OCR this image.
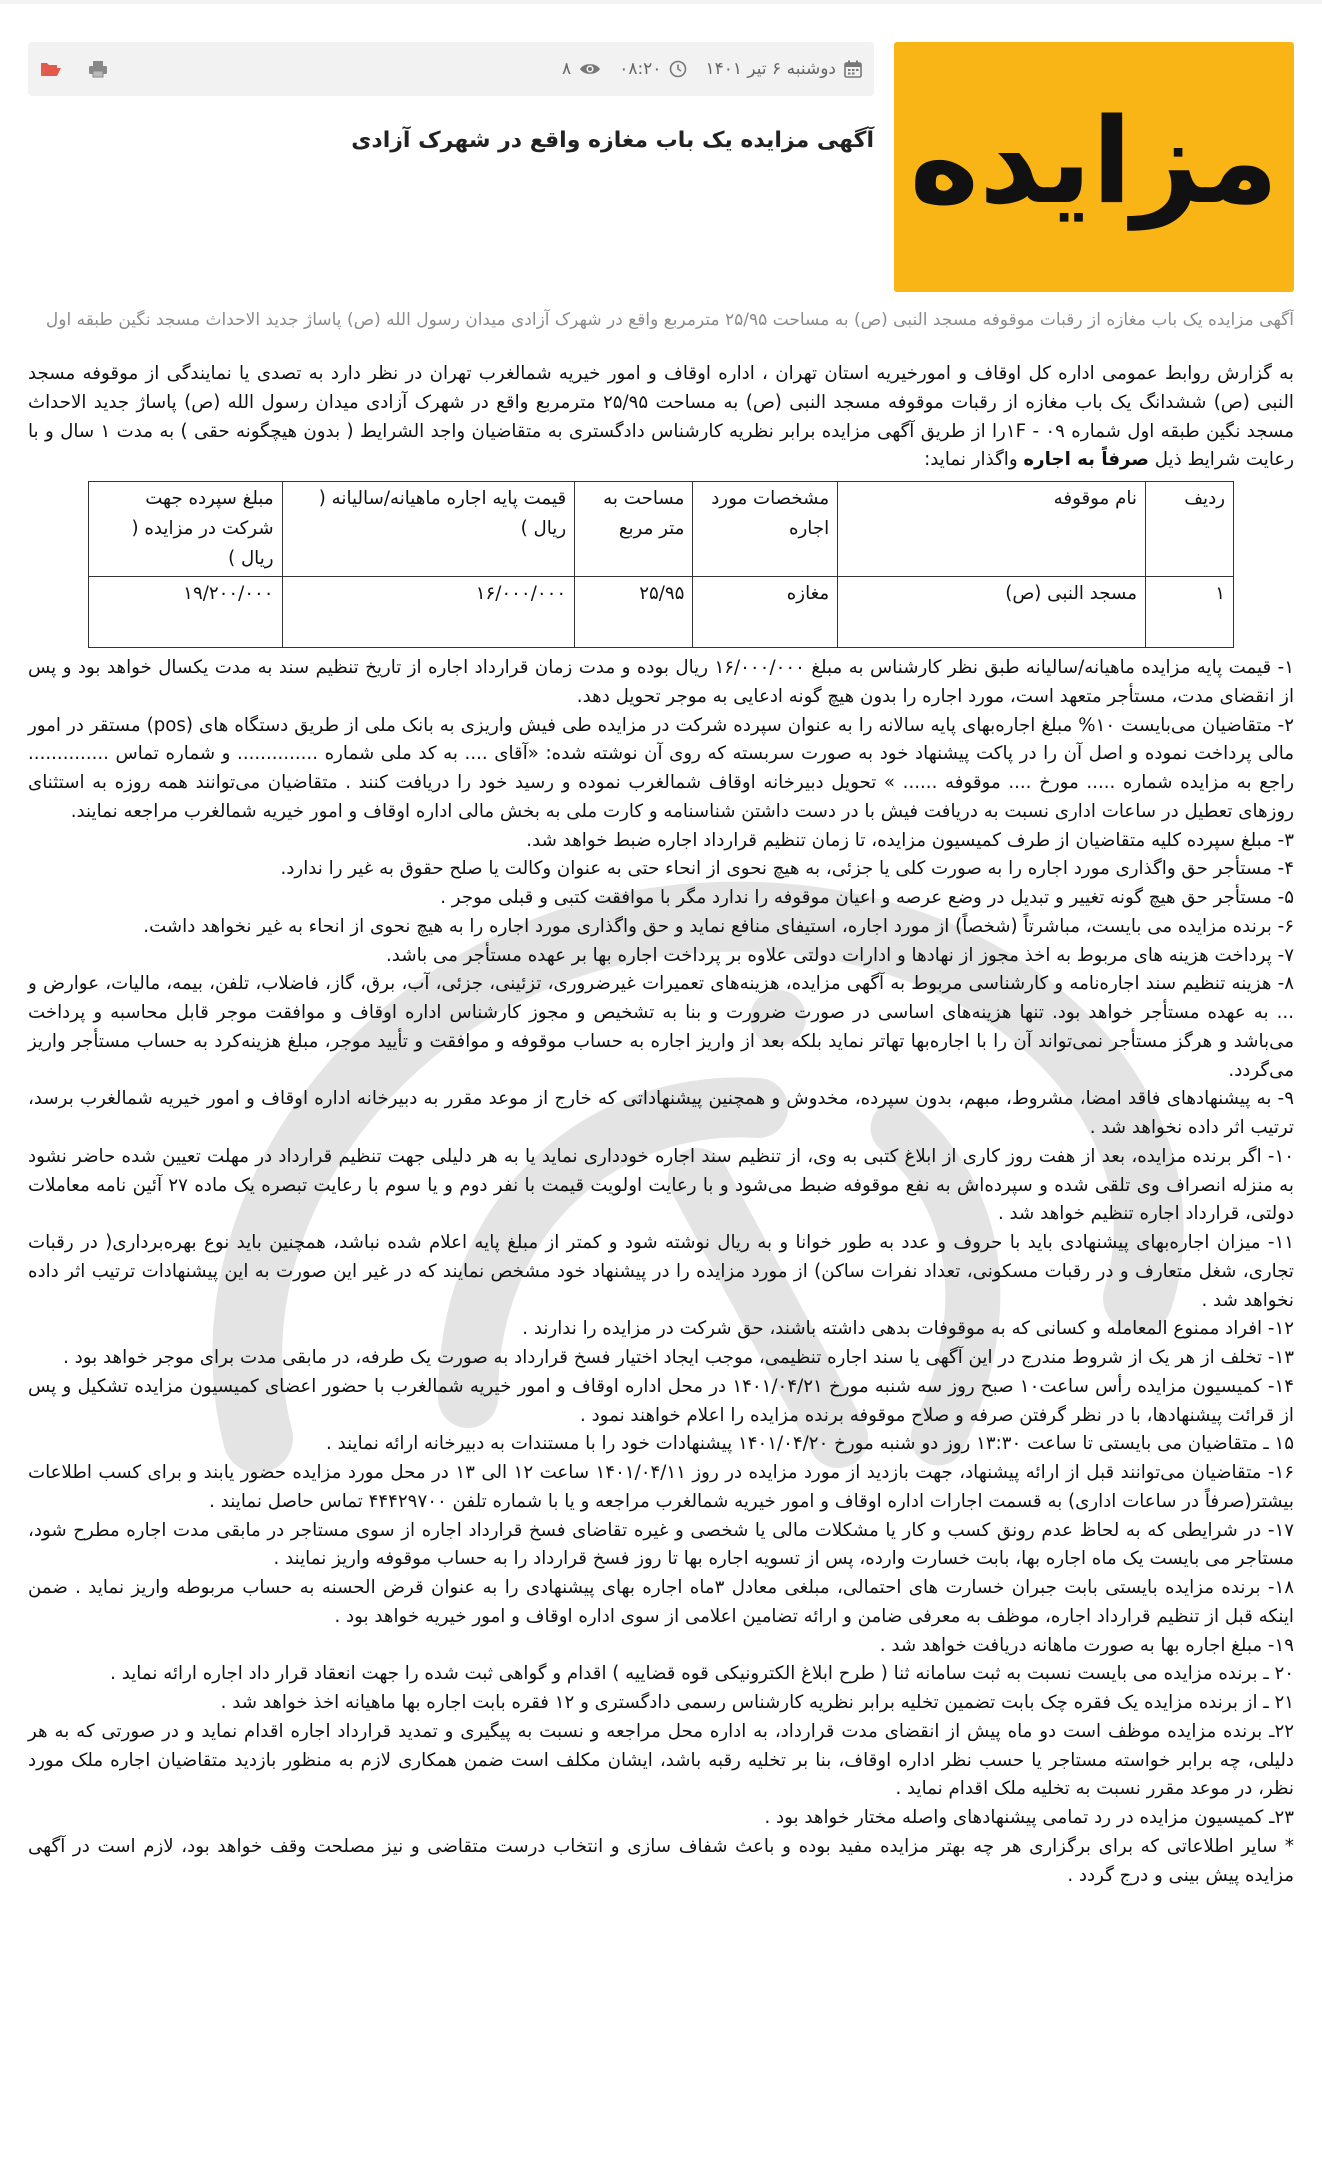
مزایده
دوشنبه ۶ تیر ۱۴۰۱
۰۸:۲۰
۸
آگهی مزایده یک باب مغازه واقع در شهرک آزادی
آگهی مزایده یک باب مغازه از رقبات موقوفه مسجد النبی (ص) به مساحت ۲۵/۹۵ مترمربع واقع در شهرک آزادی میدان رسول الله (ص) پاساژ جدید الاحداث مسجد نگین طبقه اول

به گزارش روابط عمومی اداره کل اوقاف و امورخیریه استان تهران ، اداره اوقاف و امور خیریه شمالغرب تهران در نظر دارد به تصدی یا نمایندگی از موقوفه مسجد النبی (ص) ششدانگ یک باب مغازه از رقبات موقوفه مسجد النبی (ص) به مساحت ۲۵/۹۵ مترمربع واقع در شهرک آزادی میدان رسول الله (ص) پاساژ جدید الاحداث مسجد نگین طبقه اول شماره ۰۹ - ۱Fرا از طریق آگهی مزایده برابر نظریه کارشناس دادگستری به متقاضیان واجد الشرایط ( بدون هیچگونه حقی ) به مدت ۱ سال و با رعایت شرایط ذیل صرفاً به اجاره واگذار نماید:

ردیف	نام موقوفه	مشخصات مورد اجاره	مساحت به متر مربع	قیمت پایه اجاره ماهیانه/سالیانه ( ریال )	مبلغ سپرده جهت شرکت در مزایده ( ریال )
۱	مسجد النبی (ص)	مغازه	۲۵/۹۵	۱۶/۰۰۰/۰۰۰	۱۹/۲۰۰/۰۰۰

۱- قیمت پایه مزایده ماهیانه/سالیانه طبق نظر کارشناس به مبلغ ۱۶/۰۰۰/۰۰۰ ریال بوده و مدت زمان قرارداد اجاره از تاریخ تنظیم سند به مدت یکسال خواهد بود و پس از انقضای مدت، مستأجر متعهد است، مورد اجاره را بدون هیچ گونه ادعایی به موجر تحویل دهد.

۲- متقاضیان می‌بایست ۱۰% مبلغ اجاره‌بهای پایه سالانه را به عنوان سپرده شرکت در مزایده طی فیش واریزی به بانک ملی از طریق دستگاه های (pos) مستقر در امور مالی پرداخت نموده و اصل آن را در پاکت پیشنهاد خود به صورت سربسته که روی آن نوشته شده: «آقای .... به کد ملی شماره .............. و شماره تماس .............. راجع به مزایده شماره ..... مورخ .... موقوفه ...... » تحویل دبیرخانه اوقاف شمالغرب نموده و رسید خود را دریافت کنند . متقاضیان می‌توانند همه روزه به استثنای روزهای تعطیل در ساعات اداری نسبت به دریافت فیش با در دست داشتن شناسنامه و کارت ملی به بخش مالی اداره اوقاف و امور خیریه شمالغرب مراجعه نمایند.

۳- مبلغ سپرده کلیه متقاضیان از طرف کمیسیون مزایده، تا زمان تنظیم قرارداد اجاره ضبط خواهد شد.

۴- مستأجر حق واگذاری مورد اجاره را به صورت کلی یا جزئی، به هیچ نحوی از انحاء حتی به عنوان وکالت یا صلح حقوق به غیر را ندارد.

۵- مستأجر حق هیچ گونه تغییر و تبدیل در وضع عرصه و اعیان موقوفه را ندارد مگر با موافقت کتبی و قبلی موجر .

۶- برنده مزایده می بایست، مباشرتاً (شخصاً) از مورد اجاره، استیفای منافع نماید و حق واگذاری مورد اجاره را به هیچ نحوی از انحاء به غیر نخواهد داشت.

۷- پرداخت هزینه های مربوط به اخذ مجوز از نهادها و ادارات دولتی علاوه بر پرداخت اجاره بها بر عهده مستأجر می باشد.

۸- هزینه تنظیم سند اجاره‌نامه و کارشناسی مربوط به آگهی مزایده، هزینه‌های تعمیرات غیرضروری، تزئینی، جزئی، آب، برق، گاز، فاضلاب، تلفن، بیمه، مالیات، عوارض و ... به عهده مستأجر خواهد بود. تنها هزینه‌های اساسی در صورت ضرورت و بنا به تشخیص و مجوز کارشناس اداره اوقاف و موافقت موجر قابل محاسبه و پرداخت می‌باشد و هرگز مستأجر نمی‌تواند آن را با اجاره‌بها تهاتر نماید بلکه بعد از واریز اجاره به حساب موقوفه و موافقت و تأیید موجر، مبلغ هزینه‌کرد به حساب مستأجر واریز می‌گردد.

۹- به پیشنهادهای فاقد امضا، مشروط، مبهم، بدون سپرده، مخدوش و همچنین پیشنهاداتی که خارج از موعد مقرر به دبیرخانه اداره اوقاف و امور خیریه شمالغرب برسد، ترتیب اثر داده نخواهد شد .

۱۰- اگر برنده مزایده، بعد از هفت روز کاری از ابلاغ کتبی به وی، از تنظیم سند اجاره خودداری نماید یا به هر دلیلی جهت تنظیم قرارداد در مهلت تعیین شده حاضر نشود به منزله انصراف وی تلقی شده و سپرده‌اش به نفع موقوفه ضبط می‌شود و با رعایت اولویت قیمت با نفر دوم و یا سوم با رعایت تبصره یک ماده ۲۷ آئین نامه معاملات دولتی، قرارداد اجاره تنظیم خواهد شد .

۱۱- میزان اجاره‌بهای پیشنهادی باید با حروف و عدد به طور خوانا و به ریال نوشته شود و کمتر از مبلغ پایه اعلام شده نباشد، همچنین باید نوع بهره‌برداری( در رقبات تجاری، شغل متعارف و در رقبات مسکونی، تعداد نفرات ساکن) از مورد مزایده را در پیشنهاد خود مشخص نمایند که در غیر این صورت به این پیشنهادات ترتیب اثر داده نخواهد شد .

۱۲- افراد ممنوع المعامله و کسانی که به موقوفات بدهی داشته باشند، حق شرکت در مزایده را ندارند .

۱۳- تخلف از هر یک از شروط مندرج در این آگهی یا سند اجاره تنظیمی، موجب ایجاد اختیار فسخ قرارداد به صورت یک طرفه، در مابقی مدت برای موجر خواهد بود .

۱۴- کمیسیون مزایده رأس ساعت۱۰ صبح روز سه شنبه مورخ ۱۴۰۱/۰۴/۲۱ در محل اداره اوقاف و امور خیریه شمالغرب با حضور اعضای کمیسیون مزایده تشکیل و پس از قرائت پیشنهادها، با در نظر گرفتن صرفه و صلاح موقوفه برنده مزایده را اعلام خواهند نمود .

۱۵ ـ متقاضیان می بایستی تا ساعت ۱۳:۳۰ روز دو شنبه مورخ ۱۴۰۱/۰۴/۲۰ پیشنهادات خود را با مستندات به دبیرخانه ارائه نمایند .

۱۶- متقاضیان می‌توانند قبل از ارائه پیشنهاد، جهت بازدید از مورد مزایده در روز ۱۴۰۱/۰۴/۱۱ ساعت ۱۲ الی ۱۳ در محل مورد مزایده حضور یابند و برای کسب اطلاعات بیشتر(صرفاً در ساعات اداری) به قسمت اجارات اداره اوقاف و امور خیریه شمالغرب مراجعه و یا با شماره تلفن ۴۴۴۲۹۷۰۰ تماس حاصل نمایند .

۱۷- در شرایطی که به لحاظ عدم رونق کسب و کار یا مشکلات مالی یا شخصی و غیره تقاضای فسخ قرارداد اجاره از سوی مستاجر در مابقی مدت اجاره مطرح شود، مستاجر می بایست یک ماه اجاره بها، بابت خسارت وارده، پس از تسویه اجاره بها تا روز فسخ قرارداد را به حساب موقوفه واریز نمایند .

۱۸- برنده مزایده بایستی بابت جبران خسارت های احتمالی، مبلغی معادل ۳ماه اجاره بهای پیشنهادی را به عنوان قرض الحسنه به حساب مربوطه واریز نماید . ضمن اینکه قبل از تنظیم قرارداد اجاره، موظف به معرفی ضامن و ارائه تضامین اعلامی از سوی اداره اوقاف و امور خیریه خواهد بود .

۱۹- مبلغ اجاره بها به صورت ماهانه دریافت خواهد شد .

۲۰ ـ برنده مزایده می بایست نسبت به ثبت سامانه ثنا ( طرح ابلاغ الکترونیکی قوه قضاییه ) اقدام و گواهی ثبت شده را جهت انعقاد قرار داد اجاره ارائه نماید .

۲۱ ـ از برنده مزایده یک فقره چک بابت تضمین تخلیه برابر نظریه کارشناس رسمی دادگستری و ۱۲ فقره بابت اجاره بها ماهیانه اخذ خواهد شد .

۲۲ـ برنده مزایده موظف است دو ماه پیش از انقضای مدت قرارداد، به اداره محل مراجعه و نسبت به پیگیری و تمدید قرارداد اجاره اقدام نماید و در صورتی که به هر دلیلی، چه برابر خواسته مستاجر یا حسب نظر اداره اوقاف، بنا بر تخلیه رقبه باشد، ایشان مکلف است ضمن همکاری لازم به منظور بازدید متقاضیان اجاره ملک مورد نظر، در موعد مقرر نسبت به تخلیه ملک اقدام نماید .

۲۳ـ کمیسیون مزایده در رد تمامی پیشنهادهای واصله مختار خواهد بود .

* سایر اطلاعاتی که برای برگزاری هر چه بهتر مزایده مفید بوده و باعث شفاف سازی و انتخاب درست متقاضی و نیز مصلحت وقف خواهد بود، لازم است در آگهی مزایده پیش بینی و درج گردد .
